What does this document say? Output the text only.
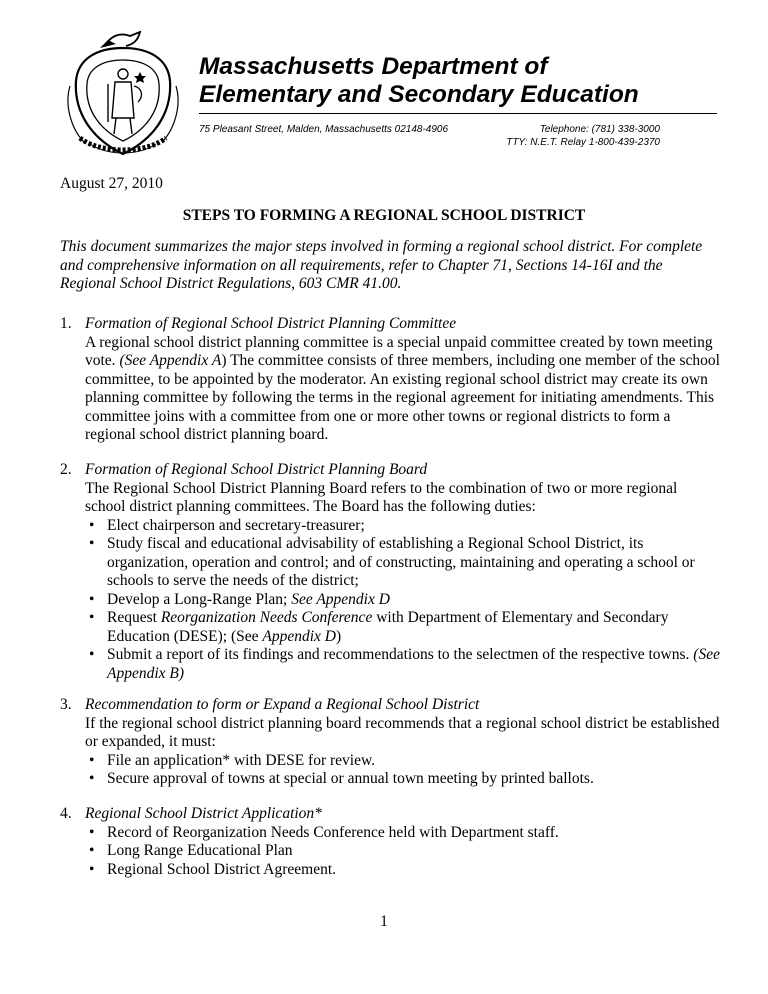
Massachusetts Department of
Elementary and Secondary Education
75 Pleasant Street, Malden, Massachusetts 02148-4906	Telephone: (781) 338-3000
TTY: N.E.T. Relay 1-800-439-2370
August 27, 2010
STEPS TO FORMING A REGIONAL SCHOOL DISTRICT

This document summarizes the major steps involved in forming a regional school district. For complete and comprehensive information on all requirements, refer to Chapter 71, Sections 14-16I and the Regional School District Regulations, 603 CMR 41.00.

1. Formation of Regional School District Planning Committee

A regional school district planning committee is a special unpaid committee created by town meeting vote. (See Appendix A) The committee consists of three members, including one member of the school committee, to be appointed by the moderator. An existing regional school district may create its own planning committee by following the terms in the regional agreement for initiating amendments. This committee joins with a committee from one or more other towns or regional districts to form a regional school district planning board.

2. Formation of Regional School District Planning Board

The Regional School District Planning Board refers to the combination of two or more regional school district planning committees. The Board has the following duties:

• Elect chairperson and secretary-treasurer;
• Study fiscal and educational advisability of establishing a Regional School District, its organization, operation and control; and of constructing, maintaining and operating a school or schools to serve the needs of the district;
• Develop a Long-Range Plan; See Appendix D
• Request Reorganization Needs Conference with Department of Elementary and Secondary Education (DESE); (See Appendix D)
• Submit a report of its findings and recommendations to the selectmen of the respective towns. (See Appendix B)
3. Recommendation to form or Expand a Regional School District

If the regional school district planning board recommends that a regional school district be established or expanded, it must:

• File an application* with DESE for review.
• Secure approval of towns at special or annual town meeting by printed ballots.
4. Regional School District Application*
• Record of Reorganization Needs Conference held with Department staff.
• Long Range Educational Plan
• Regional School District Agreement.
1
